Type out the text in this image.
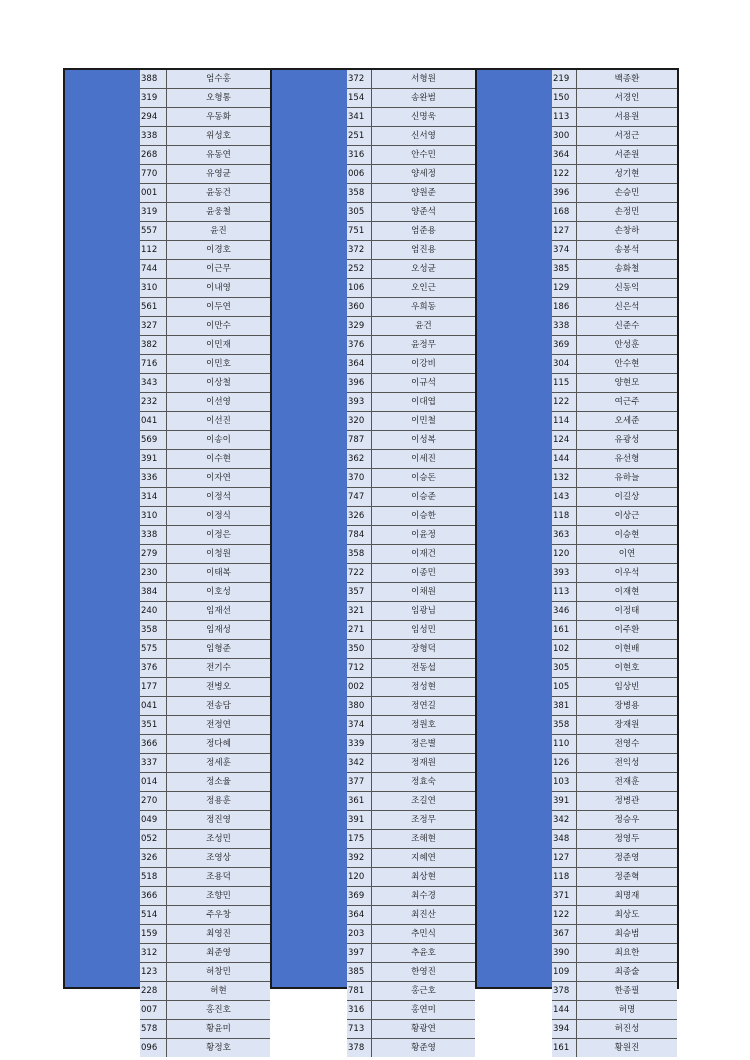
388	엄수홍
319	오형통
294	우동화
338	위성호
268	유동연
770	유영균
001	윤동건
319	윤웅철
557	윤진
112	이경호
744	이근무
310	이내영
561	이두연
327	이만수
382	이민재
716	이민호
343	이상철
232	이선영
041	이선진
569	이송이
391	이수현
336	이자연
314	이정석
310	이정식
338	이정은
279	이청원
230	이태복
384	이호성
240	임재선
358	임재성
575	임형준
376	전기수
177	전병오
041	전송담
351	전정연
366	정다혜
337	정세훈
014	정소율
270	정용훈
049	정진영
052	조성민
326	조영상
518	조용덕
366	조향민
514	주우창
159	최영진
312	최준영
123	허창민
228	허현
007	홍진호
578	황윤미
096	황정호
372	서형원
154	송완범
341	신명욱
251	신서영
316	안수민
006	양세정
358	양원준
305	양준석
751	엄준용
372	엄진용
252	오성균
106	오인근
360	우희동
329	윤건
376	윤정무
364	이강비
396	이규석
393	이대엽
320	이민철
787	이성복
362	이세진
370	이승돈
747	이승준
326	이승한
784	이윤정
358	이재건
722	이종민
357	이채원
321	임광님
271	임성민
350	장형덕
712	전동섭
002	정성현
380	정연길
374	정원호
339	정은별
342	정재원
377	정효숙
361	조길연
391	조정무
175	조해현
392	지혜연
120	최상현
369	최수경
364	최진산
203	추민식
397	추윤호
385	한영진
781	홍근호
316	홍연미
713	황광연
378	황준영
219	백종환
150	서경인
113	서용원
300	서정근
364	서준원
122	성기현
396	손승민
168	손정민
127	손창하
374	송봉석
385	송화철
129	신동익
186	신은석
338	신준수
369	안성훈
304	안수현
115	양현모
122	여근주
114	오세준
124	유광성
144	유선형
132	유하늘
143	이길상
118	이상근
363	이승현
120	이연
393	이우석
113	이재현
346	이정태
161	이주환
102	이현배
305	이현호
105	임상빈
381	장병용
358	장재원
110	전영수
126	전익성
103	전재훈
391	정병관
342	정승우
348	정영두
127	정준영
118	정준혁
371	최명재
122	최상도
367	최승범
390	최요한
109	최종술
378	한종필
144	허명
394	허진성
161	황원진
